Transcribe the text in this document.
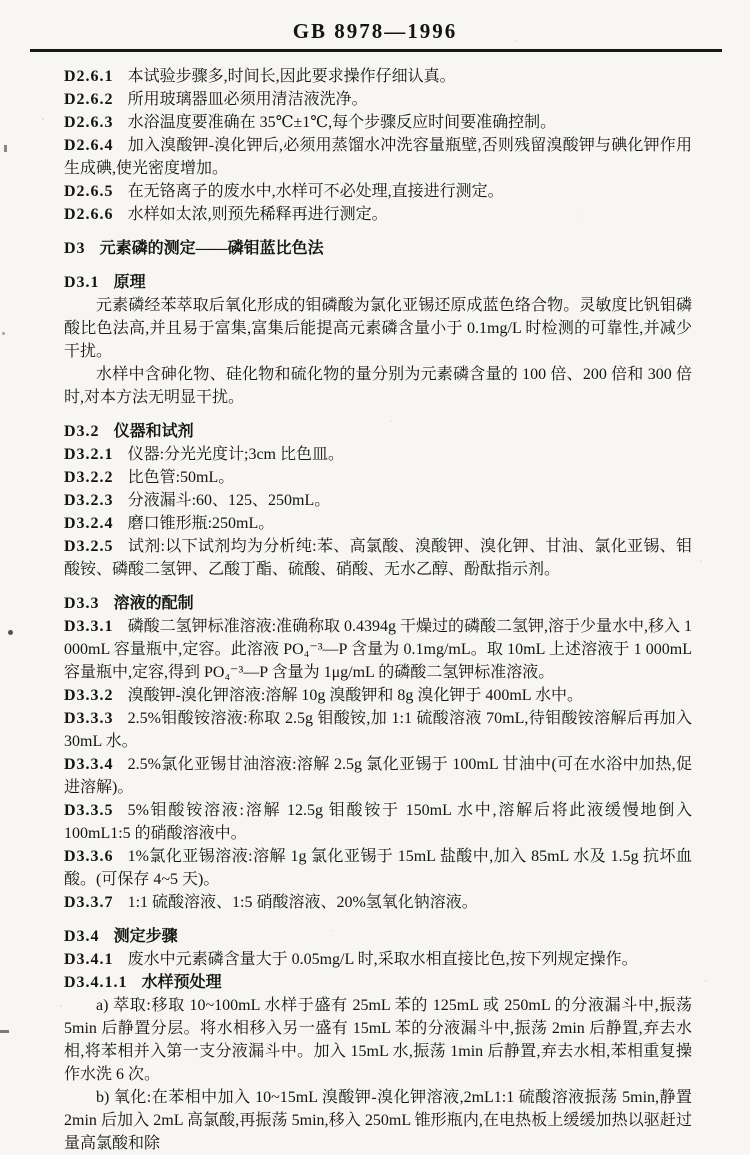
GB 8978—1996

D2.6.1 本试验步骤多,时间长,因此要求操作仔细认真。

D2.6.2 所用玻璃器皿必须用清洁液洗净。

D2.6.3 水浴温度要准确在 35℃±1℃,每个步骤反应时间要准确控制。

D2.6.4 加入溴酸钾-溴化钾后,必须用蒸馏水冲洗容量瓶壁,否则残留溴酸钾与碘化钾作用生成碘,使光密度增加。

D2.6.5 在无铬离子的废水中,水样可不必处理,直接进行测定。

D2.6.6 水样如太浓,则预先稀释再进行测定。

D3 元素磷的测定——磷钼蓝比色法

D3.1 原理

元素磷经苯萃取后氧化形成的钼磷酸为氯化亚锡还原成蓝色络合物。灵敏度比钒钼磷酸比色法高,并且易于富集,富集后能提高元素磷含量小于 0.1mg/L 时检测的可靠性,并减少干扰。

水样中含砷化物、硅化物和硫化物的量分别为元素磷含量的 100 倍、200 倍和 300 倍时,对本方法无明显干扰。

D3.2 仪器和试剂

D3.2.1 仪器:分光光度计;3cm 比色皿。

D3.2.2 比色管:50mL。

D3.2.3 分液漏斗:60、125、250mL。

D3.2.4 磨口锥形瓶:250mL。

D3.2.5 试剂:以下试剂均为分析纯:苯、高氯酸、溴酸钾、溴化钾、甘油、氯化亚锡、钼酸铵、磷酸二氢钾、乙酸丁酯、硫酸、硝酸、无水乙醇、酚酞指示剂。

D3.3 溶液的配制

D3.3.1 磷酸二氢钾标准溶液:准确称取 0.4394g 干燥过的磷酸二氢钾,溶于少量水中,移入 1 000mL 容量瓶中,定容。此溶液 PO₄⁻³—P 含量为 0.1mg/mL。取 10mL 上述溶液于 1 000mL 容量瓶中,定容,得到 PO₄⁻³—P 含量为 1μg/mL 的磷酸二氢钾标准溶液。

D3.3.2 溴酸钾-溴化钾溶液:溶解 10g 溴酸钾和 8g 溴化钾于 400mL 水中。

D3.3.3 2.5%钼酸铵溶液:称取 2.5g 钼酸铵,加 1:1 硫酸溶液 70mL,待钼酸铵溶解后再加入 30mL 水。

D3.3.4 2.5%氯化亚锡甘油溶液:溶解 2.5g 氯化亚锡于 100mL 甘油中(可在水浴中加热,促进溶解)。

D3.3.5 5%钼酸铵溶液:溶解 12.5g 钼酸铵于 150mL 水中,溶解后将此液缓慢地倒入 100mL1:5 的硝酸溶液中。

D3.3.6 1%氯化亚锡溶液:溶解 1g 氯化亚锡于 15mL 盐酸中,加入 85mL 水及 1.5g 抗坏血酸。(可保存 4~5 天)。

D3.3.7 1:1 硫酸溶液、1:5 硝酸溶液、20%氢氧化钠溶液。

D3.4 测定步骤

D3.4.1 废水中元素磷含量大于 0.05mg/L 时,采取水相直接比色,按下列规定操作。

D3.4.1.1 水样预处理

a) 萃取:移取 10~100mL 水样于盛有 25mL 苯的 125mL 或 250mL 的分液漏斗中,振荡 5min 后静置分层。将水相移入另一盛有 15mL 苯的分液漏斗中,振荡 2min 后静置,弃去水相,将苯相并入第一支分液漏斗中。加入 15mL 水,振荡 1min 后静置,弃去水相,苯相重复操作水洗 6 次。

b) 氧化:在苯相中加入 10~15mL 溴酸钾-溴化钾溶液,2mL1:1 硫酸溶液振荡 5min,静置 2min 后加入 2mL 高氯酸,再振荡 5min,移入 250mL 锥形瓶内,在电热板上缓缓加热以驱赶过量高氯酸和除
